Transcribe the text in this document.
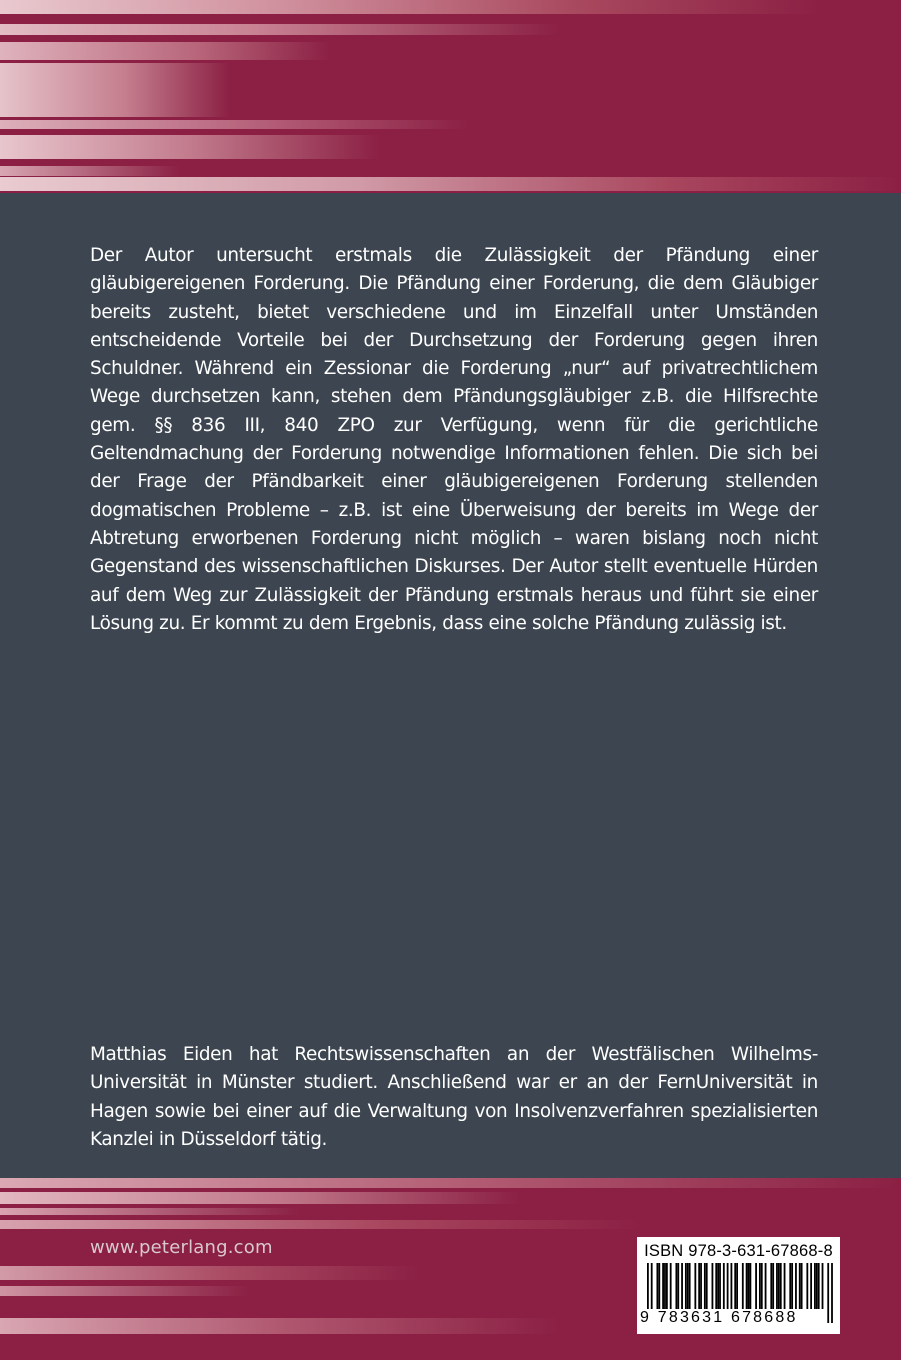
Der Autor untersucht erstmals die Zulässigkeit der Pfändung einer gläubigereigenen Forderung. Die Pfändung einer Forderung, die dem Gläubiger bereits zusteht, bietet verschiedene und im Einzelfall unter Umständen entscheidende Vorteile bei der Durchsetzung der Forderung gegen ihren Schuldner. Während ein Zessionar die Forderung „nur“ auf privatrechtlichem Wege durchsetzen kann, stehen dem Pfändungsgläubiger z.B. die Hilfsrechte gem. §§ 836 III, 840 ZPO zur Verfügung, wenn für die gerichtliche Geltendmachung der Forderung notwendige Informationen fehlen. Die sich bei der Frage der Pfändbarkeit einer gläubigereigenen Forderung stellenden dogmatischen Probleme – z.B. ist eine Überweisung der bereits im Wege der Abtretung erworbenen Forderung nicht möglich – waren bislang noch nicht Gegenstand des wissenschaftlichen Diskurses. Der Autor stellt eventuelle Hürden auf dem Weg zur Zulässigkeit der Pfändung erstmals heraus und führt sie einer Lösung zu. Er kommt zu dem Ergebnis, dass eine solche Pfändung zulässig ist.

Matthias Eiden hat Rechtswissenschaften an der Westfälischen Wilhelms-Universität in Münster studiert. Anschließend war er an der FernUniversität in Hagen sowie bei einer auf die Verwaltung von Insolvenzverfahren spezialisierten Kanzlei in Düsseldorf tätig.

www.peterlang.com	ISBN 978-3-631-67868-8
9 783631 678688
